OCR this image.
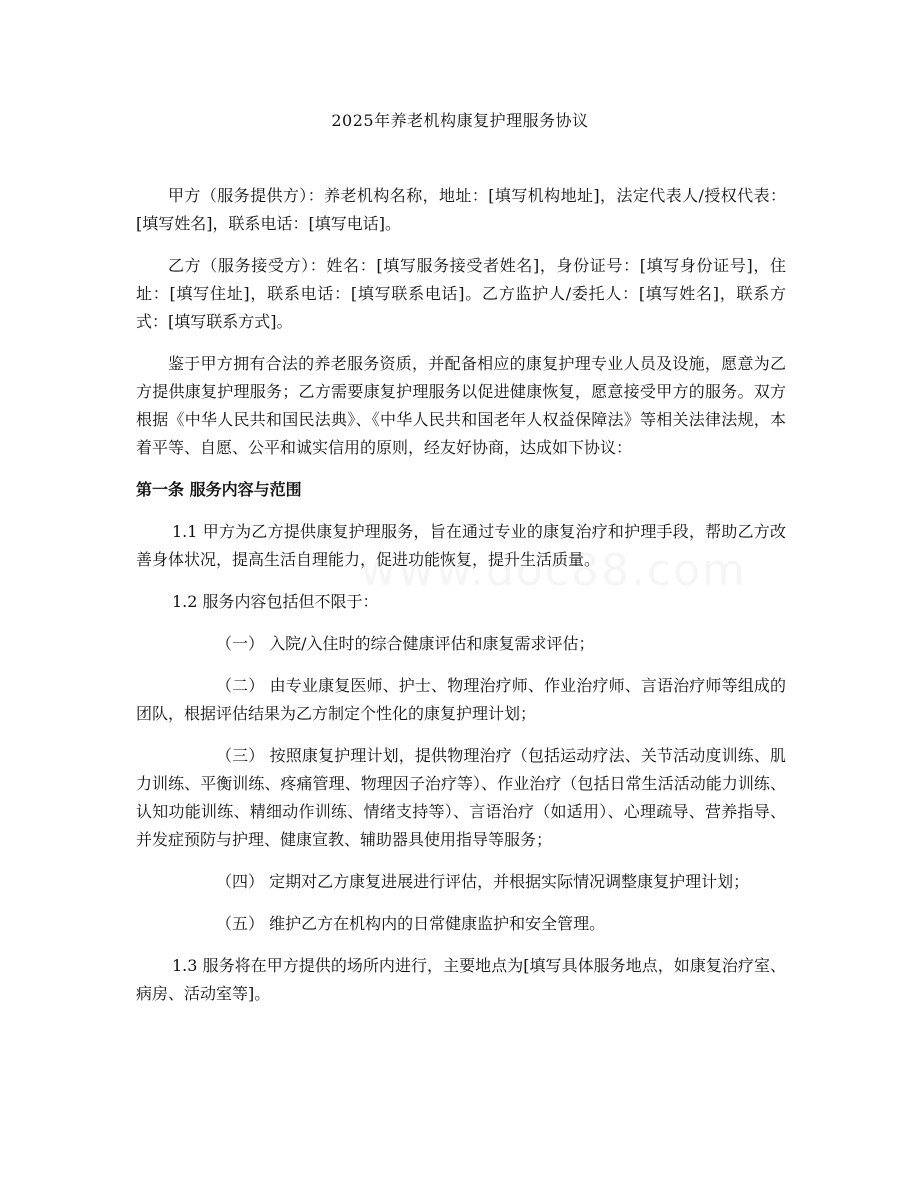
2025年养老机构康复护理服务协议

甲方（服务提供方）：养老机构名称，地址：[填写机构地址]，法定代表人/授权代表：[填写姓名]，联系电话：[填写电话]。

乙方（服务接受方）：姓名：[填写服务接受者姓名]，身份证号：[填写身份证号]，住址：[填写住址]，联系电话：[填写联系电话]。乙方监护人/委托人：[填写姓名]，联系方式：[填写联系方式]。

鉴于甲方拥有合法的养老服务资质，并配备相应的康复护理专业人员及设施，愿意为乙方提供康复护理服务；乙方需要康复护理服务以促进健康恢复，愿意接受甲方的服务。双方根据《中华人民共和国民法典》、《中华人民共和国老年人权益保障法》等相关法律法规，本着平等、自愿、公平和诚实信用的原则，经友好协商，达成如下协议：

第一条 服务内容与范围

1.1 甲方为乙方提供康复护理服务，旨在通过专业的康复治疗和护理手段，帮助乙方改善身体状况，提高生活自理能力，促进功能恢复，提升生活质量。

1.2 服务内容包括但不限于：

（一） 入院/入住时的综合健康评估和康复需求评估；

（二） 由专业康复医师、护士、物理治疗师、作业治疗师、言语治疗师等组成的团队，根据评估结果为乙方制定个性化的康复护理计划；

（三） 按照康复护理计划，提供物理治疗（包括运动疗法、关节活动度训练、肌力训练、平衡训练、疼痛管理、物理因子治疗等）、作业治疗（包括日常生活活动能力训练、认知功能训练、精细动作训练、情绪支持等）、言语治疗（如适用）、心理疏导、营养指导、并发症预防与护理、健康宣教、辅助器具使用指导等服务；

（四） 定期对乙方康复进展进行评估，并根据实际情况调整康复护理计划；

（五） 维护乙方在机构内的日常健康监护和安全管理。

1.3 服务将在甲方提供的场所内进行，主要地点为[填写具体服务地点，如康复治疗室、病房、活动室等]。
